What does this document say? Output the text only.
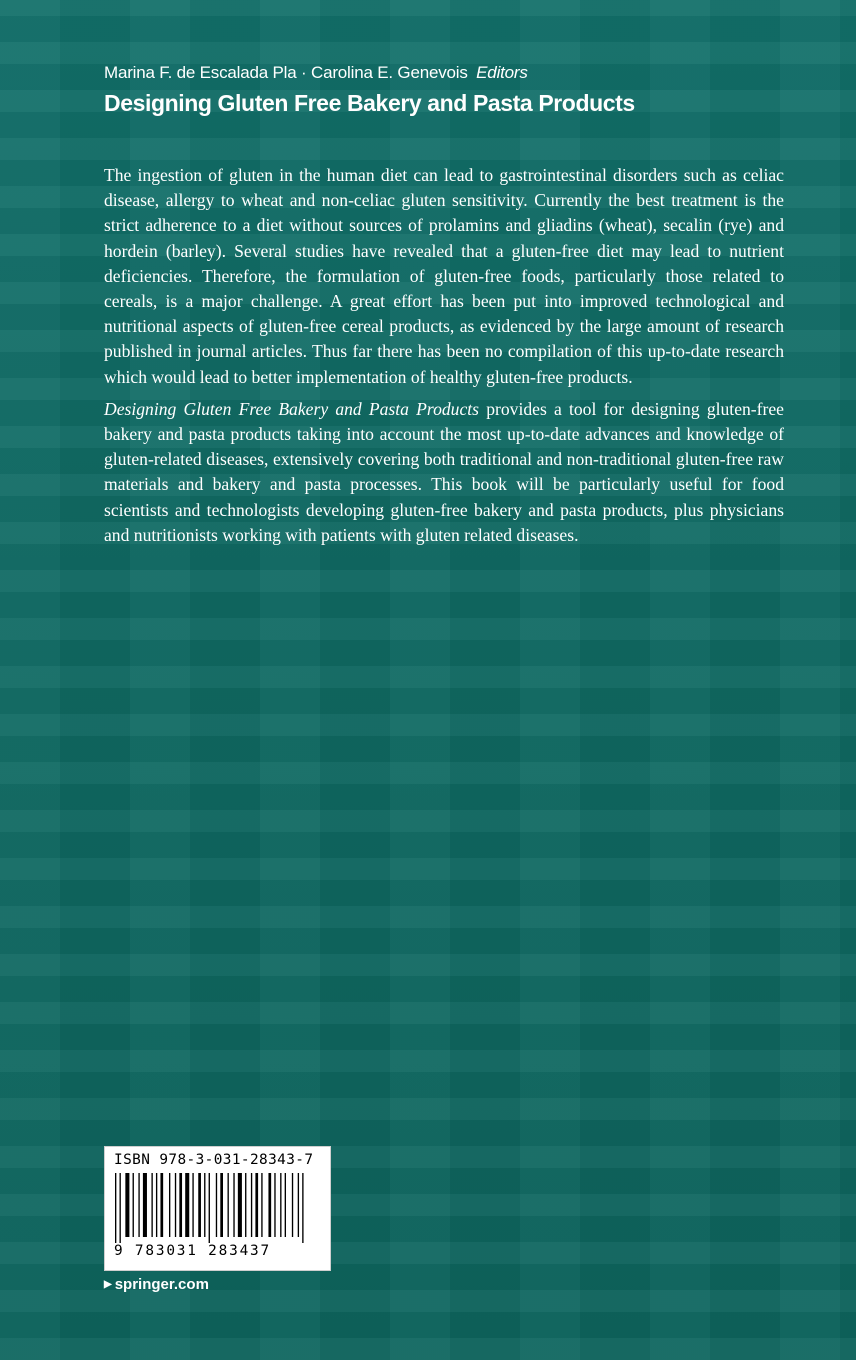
Marina F. de Escalada Pla · Carolina E. Genevois Editors
Designing Gluten Free Bakery and Pasta Products

The ingestion of gluten in the human diet can lead to gastrointestinal disorders such as celiac disease, allergy to wheat and non-celiac gluten sensitivity. Currently the best treatment is the strict adherence to a diet without sources of prolamins and gliadins (wheat), secalin (rye) and hordein (barley). Several studies have revealed that a gluten-free diet may lead to nutrient deficiencies. Therefore, the formulation of gluten-free foods, particularly those related to cereals, is a major challenge. A great effort has been put into improved technological and nutritional aspects of gluten-free cereal products, as evidenced by the large amount of research published in journal articles. Thus far there has been no compilation of this up-to-date research which would lead to better implementation of healthy gluten-free products.

Designing Gluten Free Bakery and Pasta Products provides a tool for designing gluten-free bakery and pasta products taking into account the most up-to-date advances and knowledge of gluten-related diseases, extensively covering both traditional and non-traditional gluten-free raw materials and bakery and pasta processes. This book will be particularly useful for food scientists and technologists developing gluten-free bakery and pasta products, plus physicians and nutritionists working with patients with gluten related diseases.

ISBN 978-3-031-28343-7
9 783031 283437
▶ springer.com
